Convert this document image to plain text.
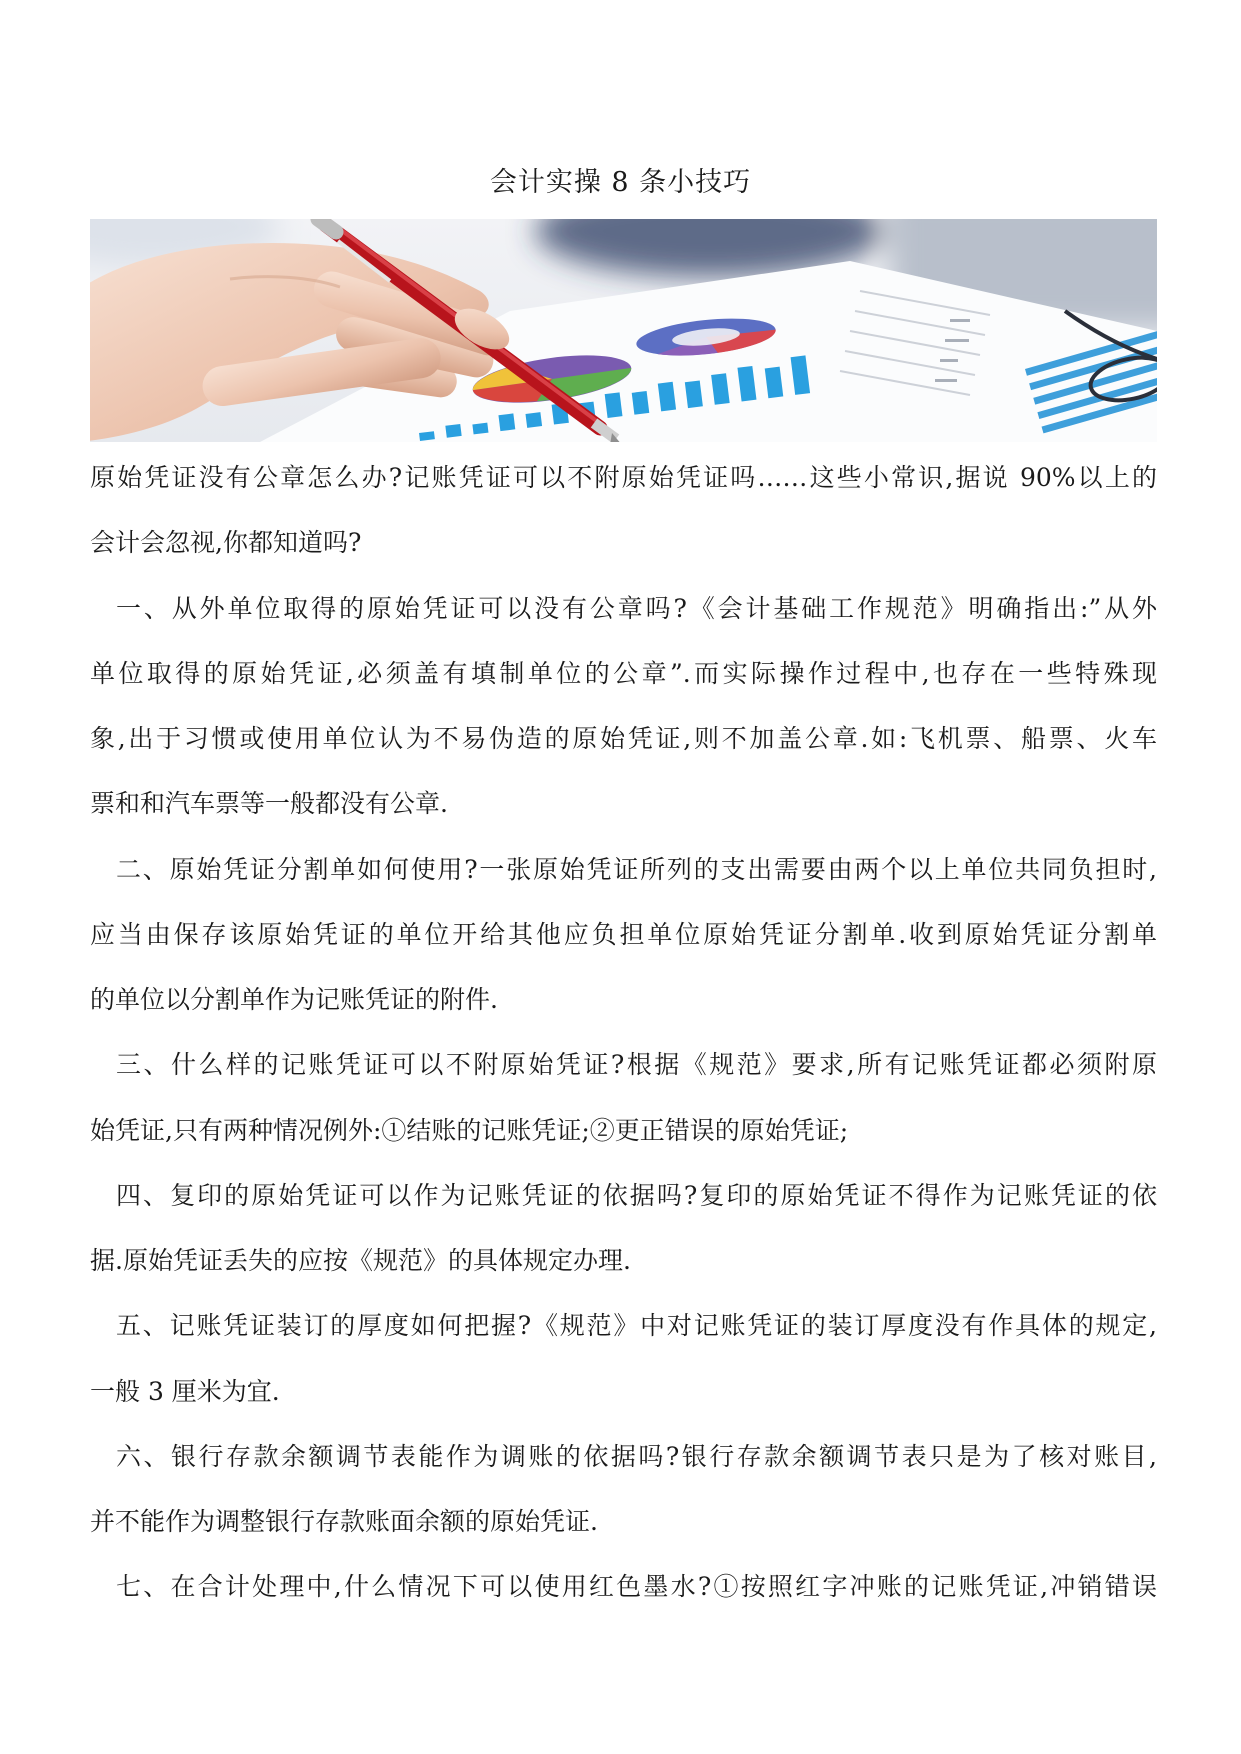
会计实操 8 条小技巧
原始凭证没有公章怎么办?记账凭证可以不附原始凭证吗……这些小常识,据说 90%以上的
会计会忽视,你都知道吗?
一、从外单位取得的原始凭证可以没有公章吗?《会计基础工作规范》明确指出:”从外
单位取得的原始凭证,必须盖有填制单位的公章”.而实际操作过程中,也存在一些特殊现
象,出于习惯或使用单位认为不易伪造的原始凭证,则不加盖公章.如:飞机票、船票、火车
票和和汽车票等一般都没有公章.
二、原始凭证分割单如何使用?一张原始凭证所列的支出需要由两个以上单位共同负担时,
应当由保存该原始凭证的单位开给其他应负担单位原始凭证分割单.收到原始凭证分割单
的单位以分割单作为记账凭证的附件.
三、什么样的记账凭证可以不附原始凭证?根据《规范》要求,所有记账凭证都必须附原
始凭证,只有两种情况例外:①结账的记账凭证;②更正错误的原始凭证;
四、复印的原始凭证可以作为记账凭证的依据吗?复印的原始凭证不得作为记账凭证的依
据.原始凭证丢失的应按《规范》的具体规定办理.
五、记账凭证装订的厚度如何把握?《规范》中对记账凭证的装订厚度没有作具体的规定,
一般 3 厘米为宜.
六、银行存款余额调节表能作为调账的依据吗?银行存款余额调节表只是为了核对账目,
并不能作为调整银行存款账面余额的原始凭证.
七、在合计处理中,什么情况下可以使用红色墨水?①按照红字冲账的记账凭证,冲销错误
